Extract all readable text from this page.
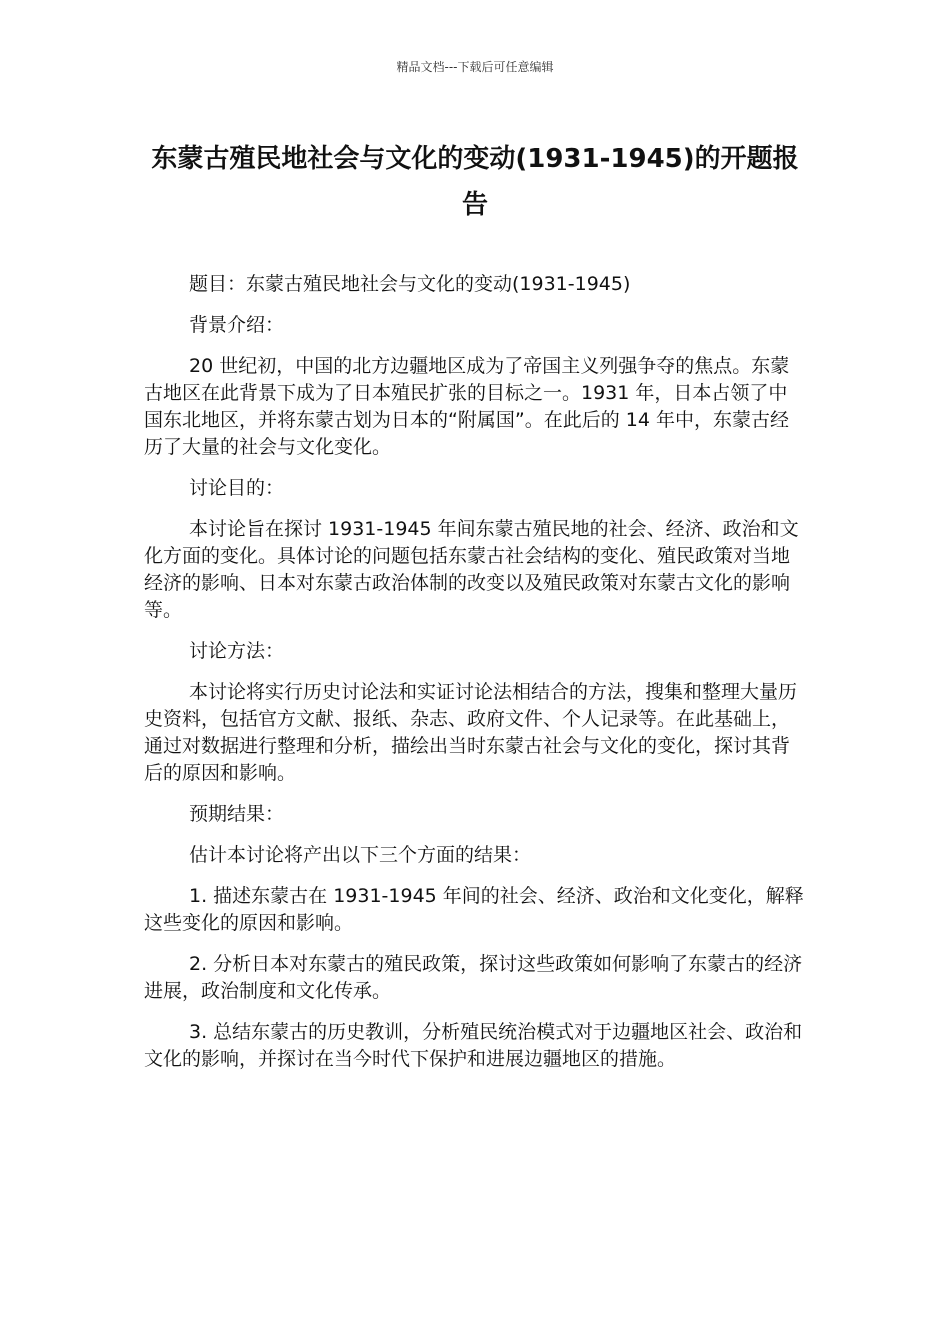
精品文档---下载后可任意编辑
东蒙古殖民地社会与文化的变动(1931-1945)的开题报告

题目：东蒙古殖民地社会与文化的变动(1931-1945)

背景介绍：

20 世纪初，中国的北方边疆地区成为了帝国主义列强争夺的焦点。东蒙古地区在此背景下成为了日本殖民扩张的目标之一。1931 年，日本占领了中国东北地区，并将东蒙古划为日本的“附属国”。在此后的 14 年中，东蒙古经历了大量的社会与文化变化。

讨论目的：

本讨论旨在探讨 1931-1945 年间东蒙古殖民地的社会、经济、政治和文化方面的变化。具体讨论的问题包括东蒙古社会结构的变化、殖民政策对当地经济的影响、日本对东蒙古政治体制的改变以及殖民政策对东蒙古文化的影响等。

讨论方法：

本讨论将实行历史讨论法和实证讨论法相结合的方法，搜集和整理大量历史资料，包括官方文献、报纸、杂志、政府文件、个人记录等。在此基础上，通过对数据进行整理和分析，描绘出当时东蒙古社会与文化的变化，探讨其背后的原因和影响。

预期结果：

估计本讨论将产出以下三个方面的结果：

1. 描述东蒙古在 1931-1945 年间的社会、经济、政治和文化变化，解释这些变化的原因和影响。

2. 分析日本对东蒙古的殖民政策，探讨这些政策如何影响了东蒙古的经济进展，政治制度和文化传承。

3. 总结东蒙古的历史教训，分析殖民统治模式对于边疆地区社会、政治和文化的影响，并探讨在当今时代下保护和进展边疆地区的措施。
